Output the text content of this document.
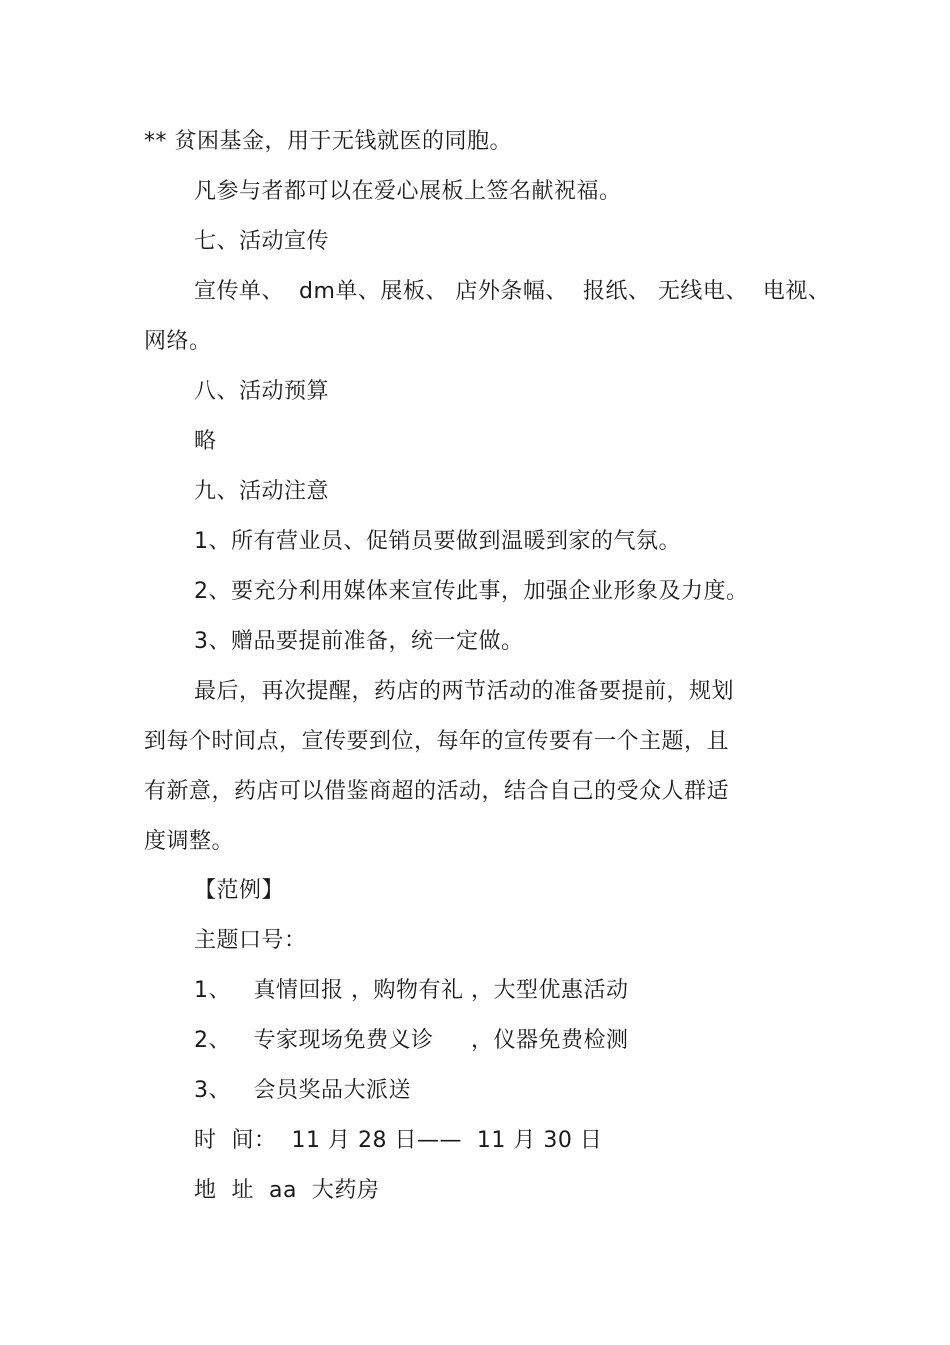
** 贫困基金，用于无钱就医的同胞。
凡参与者都可以在爱心展板上签名献祝福。
七、活动宣传
宣传单、  dm单、展板、 店外条幅、  报纸、 无线电、  电视、
网络。
八、活动预算
略
九、活动注意
1、所有营业员、促销员要做到温暖到家的气氛。
2、要充分利用媒体来宣传此事，加强企业形象及力度。
3、赠品要提前准备，统一定做。
最后，再次提醒，药店的两节活动的准备要提前，规划
到每个时间点，宣传要到位，每年的宣传要有一个主题，且
有新意，药店可以借鉴商超的活动，结合自己的受众人群适
度调整。
【范例】
主题口号：
1、   真情回报 ，购物有礼 ，大型优惠活动
2、   专家现场免费义诊     ，仪器免费检测
3、   会员奖品大派送
时  间：  11 月 28 日——  11 月 30 日
地  址  aa  大药房
